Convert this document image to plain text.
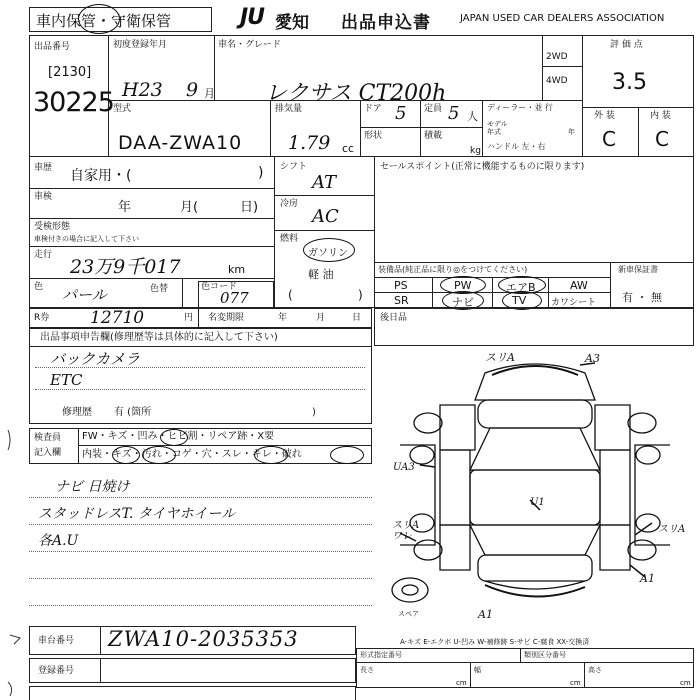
車内保管・守衛保管	JU 愛知 出品申込書	JAPAN USED CAR DEALERS ASSOCIATION
出品番号
[2130]
30225
初度登録年月
H23 9 月
車名・グレード
レクサス CT200h
2WD
4WD
評 価 点
3.5
外 装	内 装
C C
型式
DAA-ZWA10
排気量
1.79 cc
ドア 5 定員 5 人
形状	積載
kg
ディーラー・並 行
モデル
年式	年
ハンドル 左・右
車歴 自家用・(	)
車検
年	月(	日)
受検形態
車検付きの場合に記入して下さい
走行
23万9千017	km
色 パール	色替	色コード
077
シフト
AT
冷房
AC
燃料
ガソリン
軽 油
(	)
セールスポイント(正常に機能するものに限ります)
装備品(純正品に限り◎をつけてください)
PS	PW	エアB	AW
SR	ナビ	TV	カワシート
新車保証書
有 ・ 無
R券 12710	円 名変期限	年	月	日 後日品
出品事項申告欄(修理歴等は具体的に記入して下さい)
バックカメラ
ETC
修理歴 有 (箇所	)
検査員
記入欄
FW・キズ・凹み・ヒビ割・リペア跡・X要
内装・キズ・汚れ・コゲ・穴・スレ・キレ・破れ
ナビ 日焼け
スタッドレスT. タイヤホイール
各A.U
スリA	A3
UA3
U1
スリA ワレ
スリA
A1
A1
スペア
A-キズ E-エクボ U-凹み W-補修跡 S-サビ C-腐食 XX-交換済
車台番号 ZWA10-2035353
登録番号
形式指定番号	類別区分番号
長さ	幅	高さ
cm	cm	cm
